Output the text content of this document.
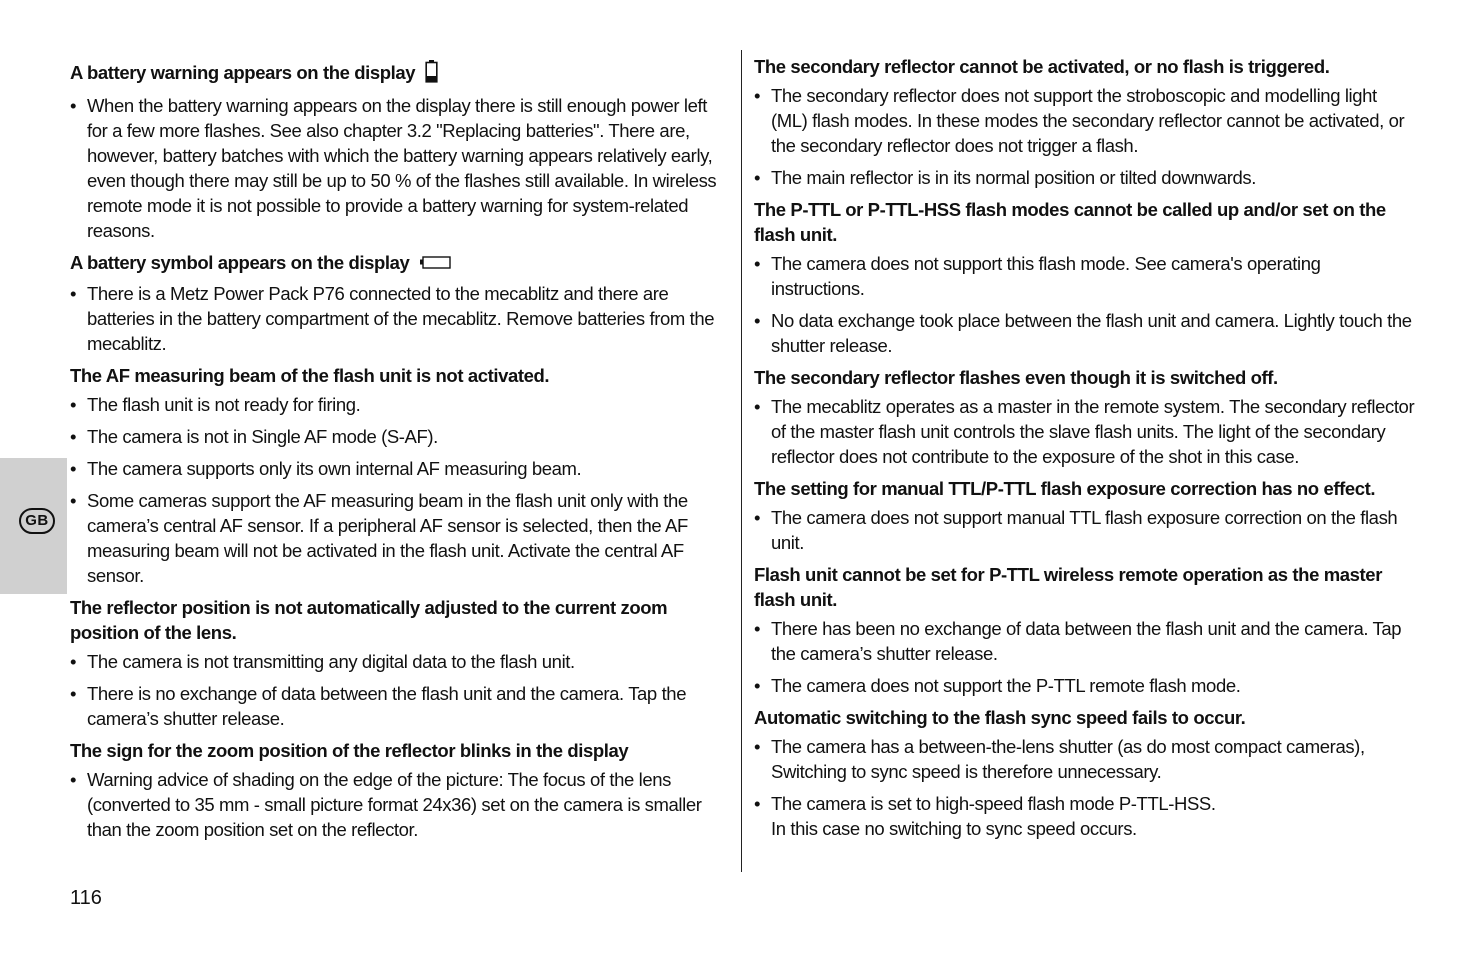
GB
A battery warning appears on the display
• When the battery warning appears on the display there is still enough power left for a few more flashes. See also chapter 3.2 "Replacing batteries". There are, however, battery batches with which the battery warning appears relatively early, even though there may still be up to 50 % of the flashes still available. In wireless remote mode it is not possible to provide a battery warning for system-related reasons.
A battery symbol appears on the display
• There is a Metz Power Pack P76 connected to the mecablitz and there are batteries in the battery compartment of the mecablitz. Remove batteries from the mecablitz.
The AF measuring beam of the flash unit is not activated.
• The flash unit is not ready for firing.
• The camera is not in Single AF mode (S-AF).
• The camera supports only its own internal AF measuring beam.
• Some cameras support the AF measuring beam in the flash unit only with the camera’s central AF sensor. If a peripheral AF sensor is selected, then the AF measuring beam will not be activated in the flash unit. Activate the central AF sensor.
The reflector position is not automatically adjusted to the current zoom position of the lens.
• The camera is not transmitting any digital data to the flash unit.
• There is no exchange of data between the flash unit and the camera. Tap the camera’s shutter release.
The sign for the zoom position of the reflector blinks in the display
• Warning advice of shading on the edge of the picture: The focus of the lens (converted to 35 mm - small picture format 24x36) set on the camera is smaller than the zoom position set on the reflector.
The secondary reflector cannot be activated, or no flash is triggered.
• The secondary reflector does not support the stroboscopic and modelling light (ML) flash modes. In these modes the secondary reflector cannot be activated, or the secondary reflector does not trigger a flash.
• The main reflector is in its normal position or tilted downwards.
The P-TTL or P-TTL-HSS flash modes cannot be called up and/or set on the flash unit.
• The camera does not support this flash mode. See camera's operating instructions.
• No data exchange took place between the flash unit and camera. Lightly touch the shutter release.
The secondary reflector flashes even though it is switched off.
• The mecablitz operates as a master in the remote system. The secondary reflector of the master flash unit controls the slave flash units. The light of the secondary reflector does not contribute to the exposure of the shot in this case.
The setting for manual TTL/P-TTL flash exposure correction has no effect.
• The camera does not support manual TTL flash exposure correction on the flash unit.
Flash unit cannot be set for P-TTL wireless remote operation as the master flash unit.
• There has been no exchange of data between the flash unit and the camera. Tap the camera’s shutter release.
• The camera does not support the P-TTL remote flash mode.
Automatic switching to the flash sync speed fails to occur.
• The camera has a between-the-lens shutter (as do most compact cameras), Switching to sync speed is therefore unnecessary.
• The camera is set to high-speed flash mode P-TTL-HSS.
In this case no switching to sync speed occurs.
116
